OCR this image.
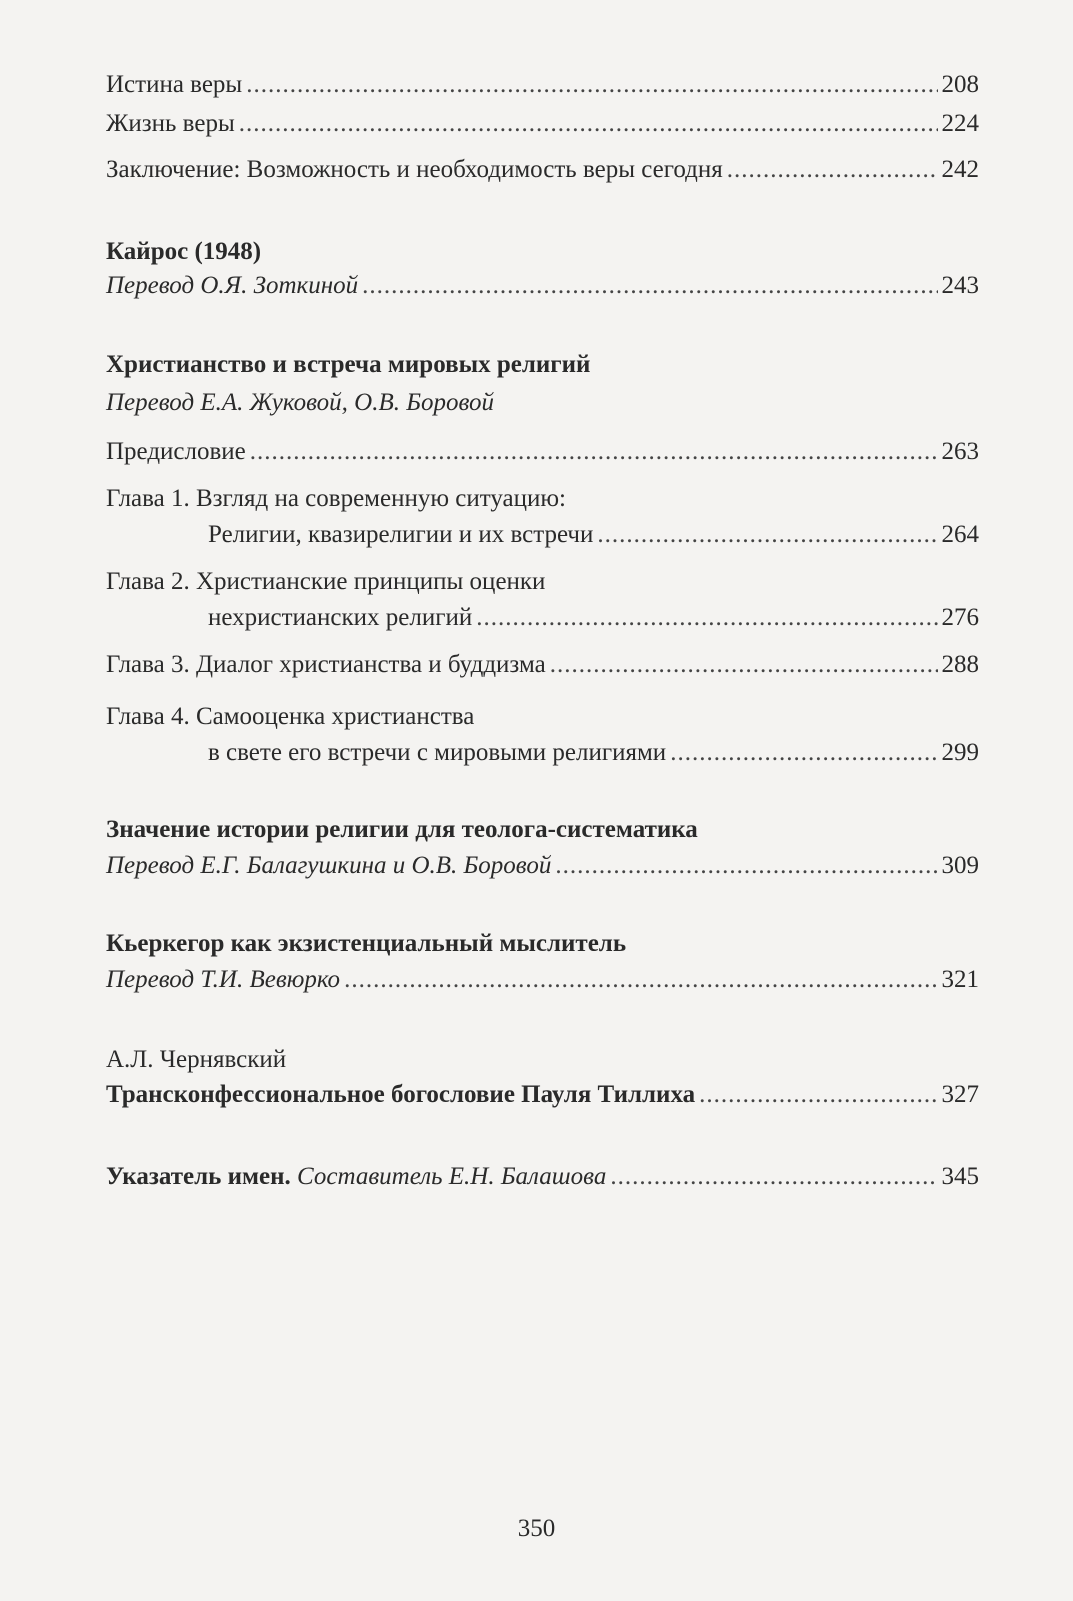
Истина веры .....	208
Жизнь веры .....	224
Заключение: Возможность и необходимость веры сегодня .....	242
Кайрос (1948)
Перевод О.Я. Зоткиной .....	243
Христианство и встреча мировых религий
Перевод Е.А. Жуковой, О.В. Боровой
Предисловие .....	263
Глава 1. Взгляд на современную ситуацию:
Религии, квазирелигии и их встречи .....	264
Глава 2. Христианские принципы оценки
нехристианских религий .....	276
Глава 3. Диалог христианства и буддизма .....	288
Глава 4. Самооценка христианства
в свете его встречи с мировыми религиями .....	299
Значение истории религии для теолога-систематика
Перевод Е.Г. Балагушкина и О.В. Боровой .....	309
Кьеркегор как экзистенциальный мыслитель
Перевод Т.И. Вевюрко .....	321
А.Л. Чернявский
Трансконфессиональное богословие Пауля Тиллиха .....	327
Указатель имен. Составитель Е.Н. Балашова .....	345
350
